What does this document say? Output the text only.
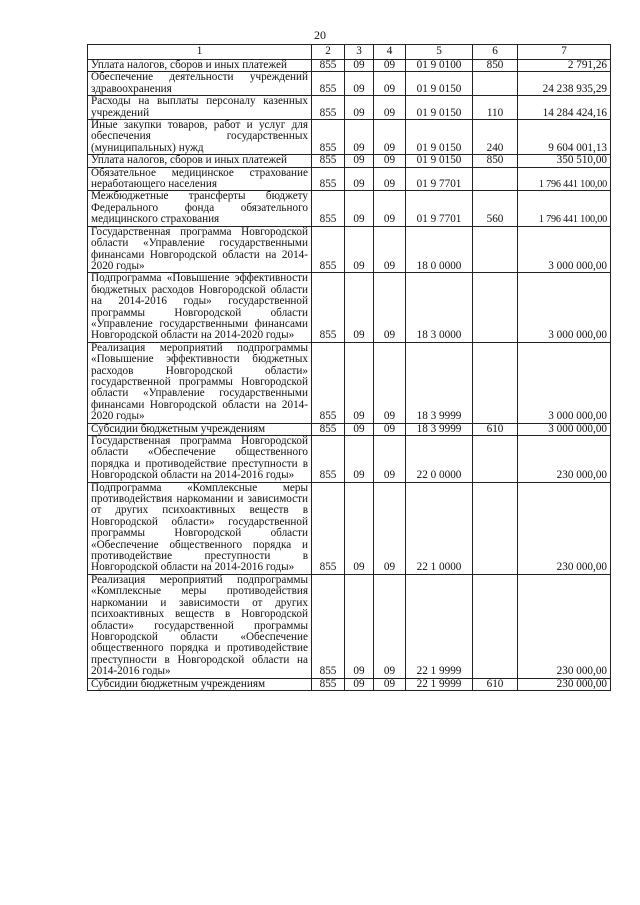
20
1	2	3	4	5	6	7
Уплата налогов, сборов и иных платежей	855	09	09	01 9 0100	850	2 791,26
Обеспечение деятельности учреждений здравоохранения	855	09	09	01 9 0150		24 238 935,29
Расходы на выплаты персоналу казенных учреждений	855	09	09	01 9 0150	110	14 284 424,16
Иные закупки товаров, работ и услуг для обеспечения государственных (муниципальных) нужд	855	09	09	01 9 0150	240	9 604 001,13
Уплата налогов, сборов и иных платежей	855	09	09	01 9 0150	850	350 510,00
Обязательное медицинское страхование неработающего населения	855	09	09	01 9 7701		1 796 441 100,00
Межбюджетные трансферты бюджету Федерального фонда обязательного медицинского страхования	855	09	09	01 9 7701	560	1 796 441 100,00
Государственная программа Новгородской области «Управление государственными финансами Новгородской области на 2014-2020 годы»	855	09	09	18 0 0000		3 000 000,00
Подпрограмма «Повышение эффективности бюджетных расходов Новгородской области на 2014-2016 годы» государственной программы Новгородской области «Управление государственными финансами Новгородской области на 2014-2020 годы»	855	09	09	18 3 0000		3 000 000,00
Реализация мероприятий подпрограммы «Повышение эффективности бюджетных расходов Новгородской области» государственной программы Новгородской области «Управление государственными финансами Новгородской области на 2014-2020 годы»	855	09	09	18 3 9999		3 000 000,00
Субсидии бюджетным учреждениям	855	09	09	18 3 9999	610	3 000 000,00
Государственная программа Новгородской области «Обеспечение общественного порядка и противодействие преступности в Новгородской области на 2014-2016 годы»	855	09	09	22 0 0000		230 000,00
Подпрограмма «Комплексные меры противодействия наркомании и зависимости от других психоактивных веществ в Новгородской области» государственной программы Новгородской области «Обеспечение общественного порядка и противодействие преступности в Новгородской области на 2014-2016 годы»	855	09	09	22 1 0000		230 000,00
Реализация мероприятий подпрограммы «Комплексные меры противодействия наркомании и зависимости от других психоактивных веществ в Новгородской области» государственной программы Новгородской области «Обеспечение общественного порядка и противодействие преступности в Новгородской области на 2014-2016 годы»	855	09	09	22 1 9999		230 000,00
Субсидии бюджетным учреждениям	855	09	09	22 1 9999	610	230 000,00
